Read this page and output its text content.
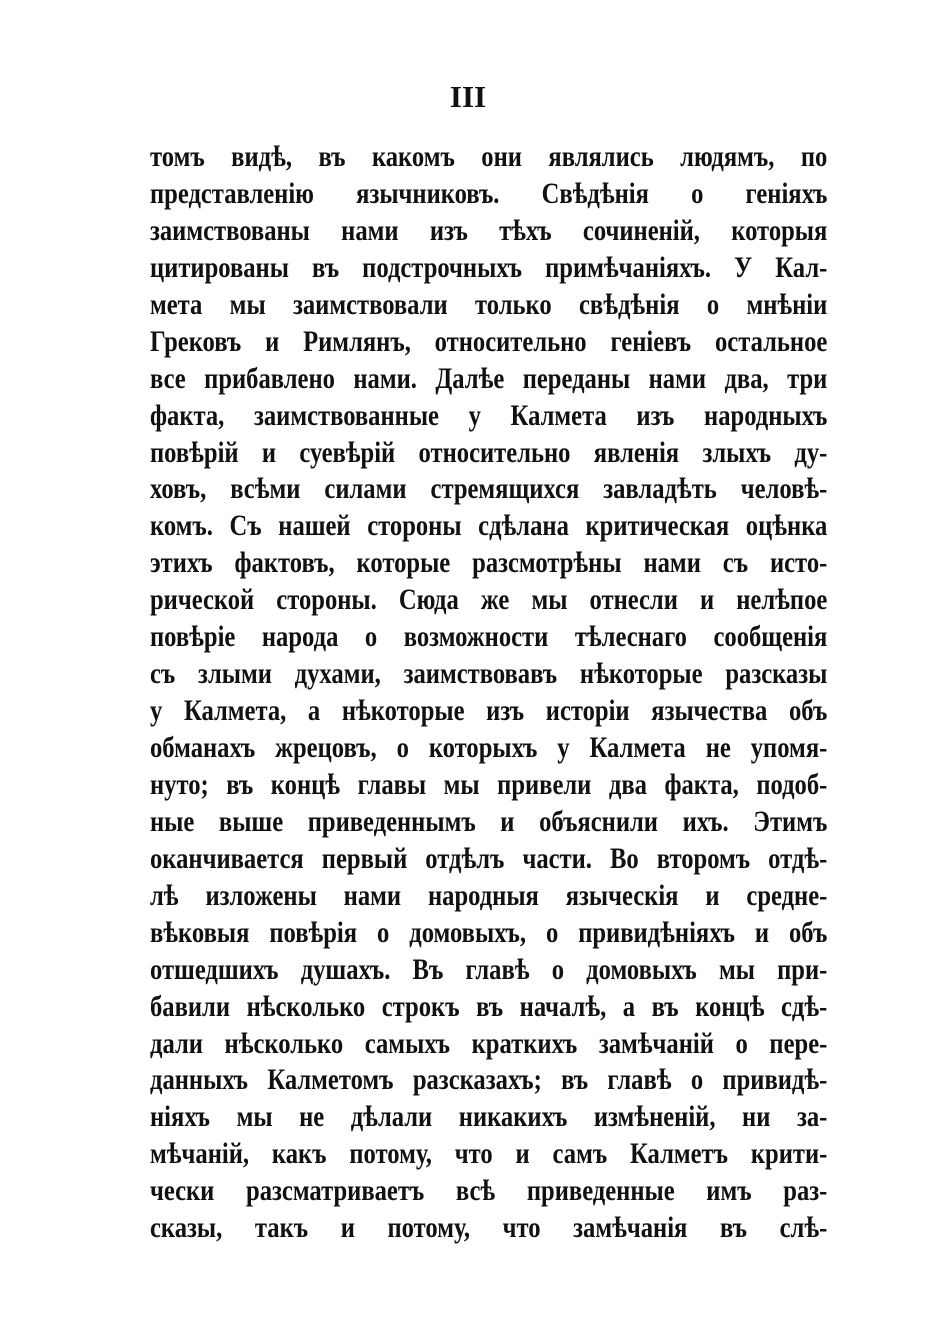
III
томъ видѣ, въ какомъ они являлись людямъ, по
представленію язычниковъ. Свѣдѣнія о геніяхъ
заимствованы нами изъ тѣхъ сочиненій, которыя
цитированы въ подстрочныхъ примѣчаніяхъ. У Кал-
мета мы заимствовали только свѣдѣнія о мнѣніи
Грековъ и Римлянъ, относительно геніевъ остальное
все прибавлено нами. Далѣе переданы нами два, три
факта, заимствованные у Калмета изъ народныхъ
повѣрій и суевѣрій относительно явленія злыхъ ду-
ховъ, всѣми силами стремящихся завладѣть человѣ-
комъ. Съ нашей стороны сдѣлана критическая оцѣнка
этихъ фактовъ, которые разсмотрѣны нами съ исто-
рической стороны. Сюда же мы отнесли и нелѣпое
повѣріе народа о возможности тѣлеснаго сообщенія
съ злыми духами, заимствовавъ нѣкоторые разсказы
у Калмета, а нѣкоторые изъ исторіи язычества объ
обманахъ жрецовъ, о которыхъ у Калмета не упомя-
нуто; въ концѣ главы мы привели два факта, подоб-
ные выше приведеннымъ и объяснили ихъ. Этимъ
оканчивается первый отдѣлъ части. Во второмъ отдѣ-
лѣ изложены нами народныя языческія и средне-
вѣковыя повѣрія о домовыхъ, о привидѣніяхъ и объ
отшедшихъ душахъ. Въ главѣ о домовыхъ мы при-
бавили нѣсколько строкъ въ началѣ, а въ концѣ сдѣ-
дали нѣсколько самыхъ краткихъ замѣчаній о пере-
данныхъ Калметомъ разсказахъ; въ главѣ о привидѣ-
ніяхъ мы не дѣлали никакихъ измѣненій, ни за-
мѣчаній, какъ потому, что и самъ Калметъ крити-
чески разсматриваетъ всѣ приведенные имъ раз-
сказы, такъ и потому, что замѣчанія въ слѣ-
